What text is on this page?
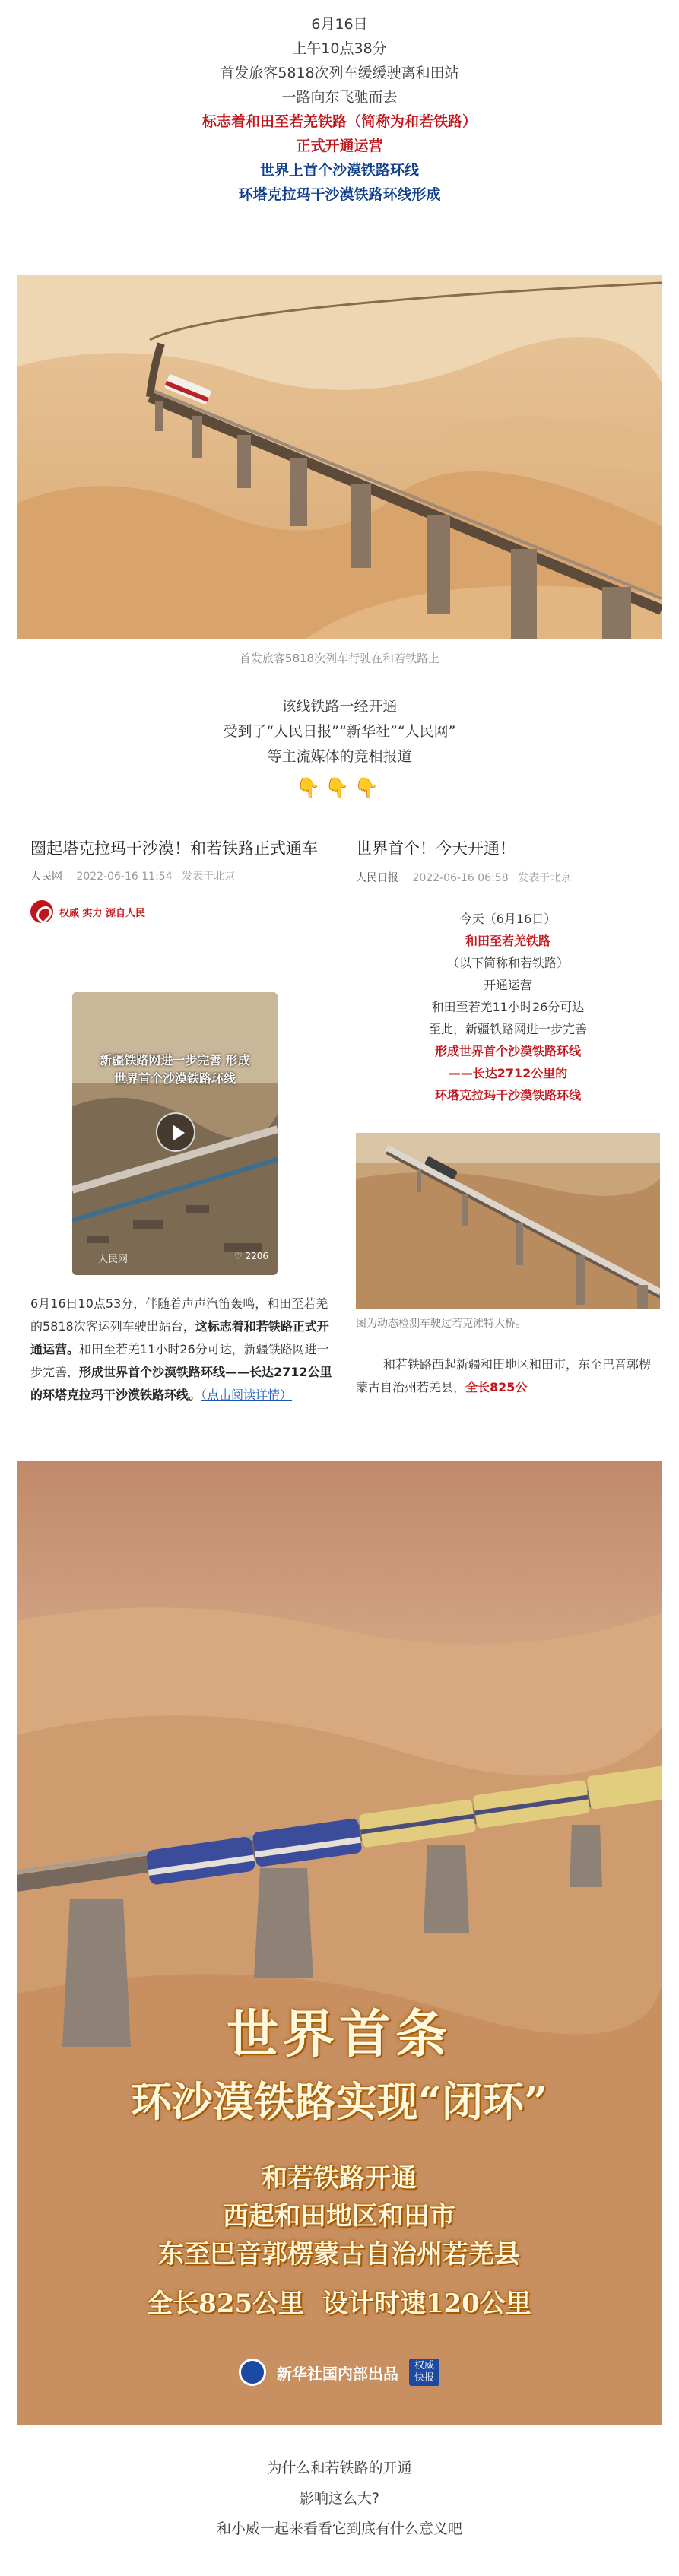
6月16日

上午10点38分

首发旅客5818次列车缓缓驶离和田站

一路向东飞驰而去

标志着和田至若羌铁路（简称为和若铁路）

正式开通运营

世界上首个沙漠铁路环线

环塔克拉玛干沙漠铁路环线形成

首发旅客5818次列车行驶在和若铁路上

该线铁路一经开通

受到了“人民日报”“新华社”“人民网”

等主流媒体的竞相报道

👇👇👇
圈起塔克拉玛干沙漠！和若铁路正式通车
人民网 2022-06-16 11:54 发表于北京
权威 实力 源自人民
新疆铁路网进一步完善 形成世界首个沙漠铁路环线
人民网	♡ 2206
6月16日10点53分，伴随着声声汽笛轰鸣，和田至若羌的5818次客运列车驶出站台，这标志着和若铁路正式开通运营。和田至若羌11小时26分可达，新疆铁路网进一步完善，形成世界首个沙漠铁路环线——长达2712公里的环塔克拉玛干沙漠铁路环线。（点击阅读详情）
世界首个！今天开通！
人民日报 2022-06-16 06:58 发表于北京

今天（6月16日）

和田至若羌铁路

（以下简称和若铁路）

开通运营

和田至若羌11小时26分可达

至此，新疆铁路网进一步完善

形成世界首个沙漠铁路环线

——长达2712公里的

环塔克拉玛干沙漠铁路环线

图为动态检测车驶过若克滩特大桥。
和若铁路西起新疆和田地区和田市，东至巴音郭楞蒙古自治州若羌县，全长825公
世界首条
环沙漠铁路实现“闭环”
和若铁路开通
西起和田地区和田市
东至巴音郭楞蒙古自治州若羌县
全长825公里  设计时速120公里
新华社国内部出品	权威快报

为什么和若铁路的开通

影响这么大?

和小威一起来看看它到底有什么意义吧
